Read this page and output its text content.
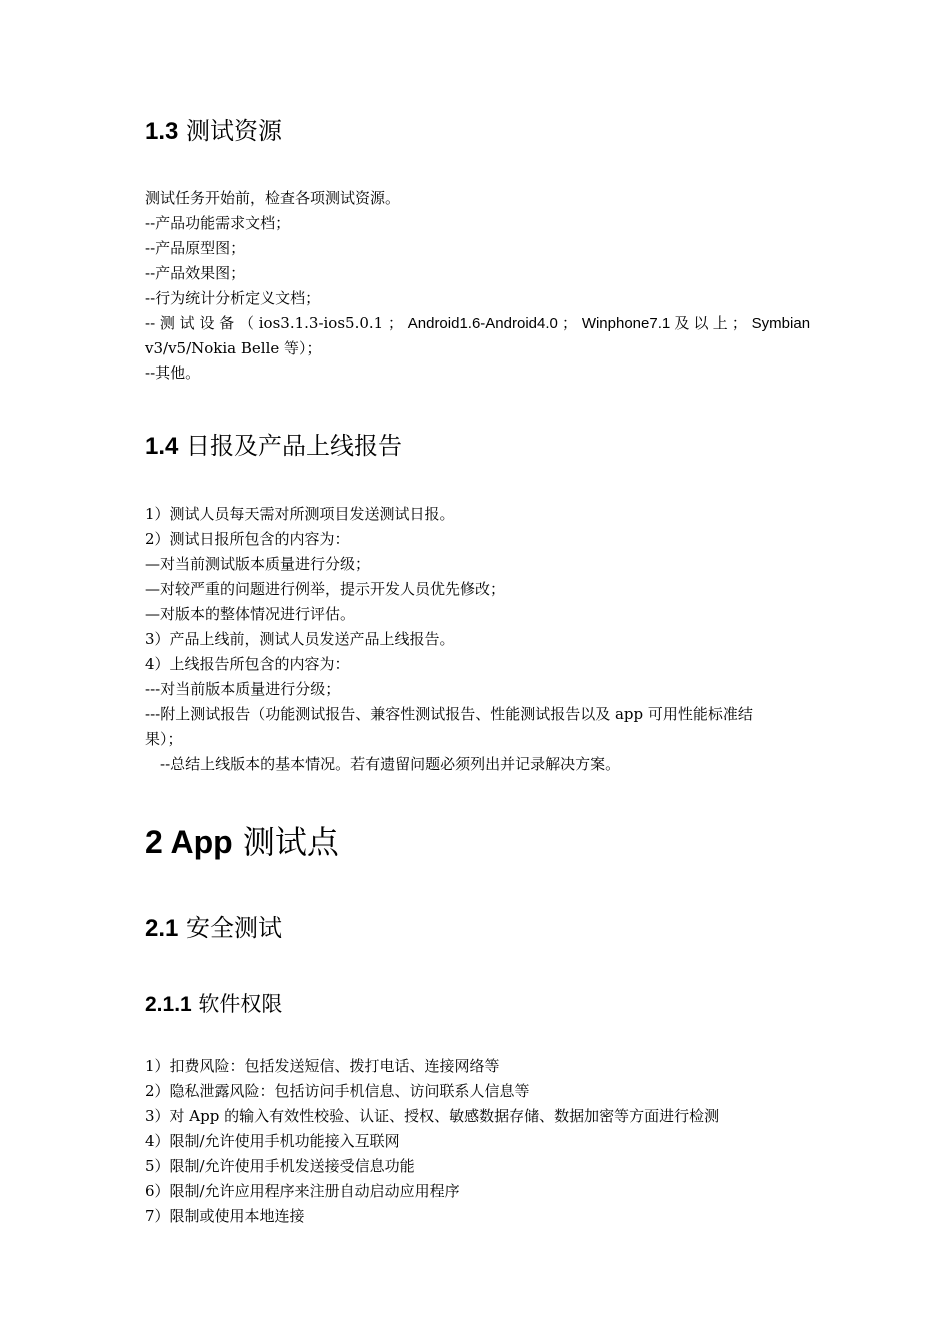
1.3 测试资源
测试任务开始前，检查各项测试资源。
--产品功能需求文档；
--产品原型图；
--产品效果图；
--行为统计分析定义文档；
-- 测 试 设 备 （ ios3.1.3-ios5.0.1 ； Android1.6-Android4.0 ； Winphone7.1 及 以 上 ； Symbian
v3/v5/Nokia Belle 等）；
--其他。
1.4 日报及产品上线报告
1）测试人员每天需对所测项目发送测试日报。
2）测试日报所包含的内容为：
—对当前测试版本质量进行分级；
—对较严重的问题进行例举，提示开发人员优先修改；
—对版本的整体情况进行评估。
3）产品上线前，测试人员发送产品上线报告。
4）上线报告所包含的内容为：
---对当前版本质量进行分级；
---附上测试报告（功能测试报告、兼容性测试报告、性能测试报告以及 app 可用性能标准结
果）；
--总结上线版本的基本情况。若有遗留问题必须列出并记录解决方案。
2 App 测试点
2.1 安全测试
2.1.1 软件权限
1）扣费风险：包括发送短信、拨打电话、连接网络等
2）隐私泄露风险：包括访问手机信息、访问联系人信息等
3）对 App 的输入有效性校验、认证、授权、敏感数据存储、数据加密等方面进行检测
4）限制/允许使用手机功能接入互联网
5）限制/允许使用手机发送接受信息功能
6）限制/允许应用程序来注册自动启动应用程序
7）限制或使用本地连接
